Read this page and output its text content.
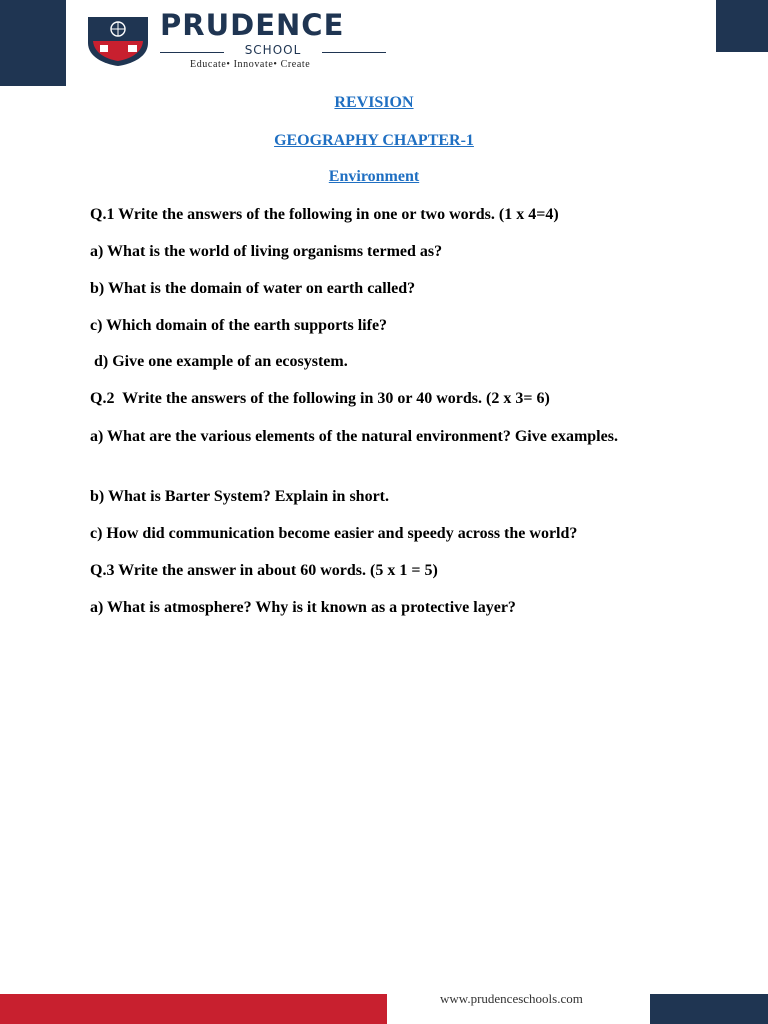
PRUDENCE
SCHOOL
Educate• Innovate• Create
REVISION
GEOGRAPHY CHAPTER-1
Environment
Q.1 Write the answers of the following in one or two words. (1 x 4=4)
a) What is the world of living organisms termed as?
b) What is the domain of water on earth called?
c) Which domain of the earth supports life?
d) Give one example of an ecosystem.
Q.2  Write the answers of the following in 30 or 40 words. (2 x 3= 6)
a) What are the various elements of the natural environment? Give examples.
b) What is Barter System? Explain in short.
c) How did communication become easier and speedy across the world?
Q.3 Write the answer in about 60 words. (5 x 1 = 5)
a) What is atmosphere? Why is it known as a protective layer?
www.prudenceschools.com
